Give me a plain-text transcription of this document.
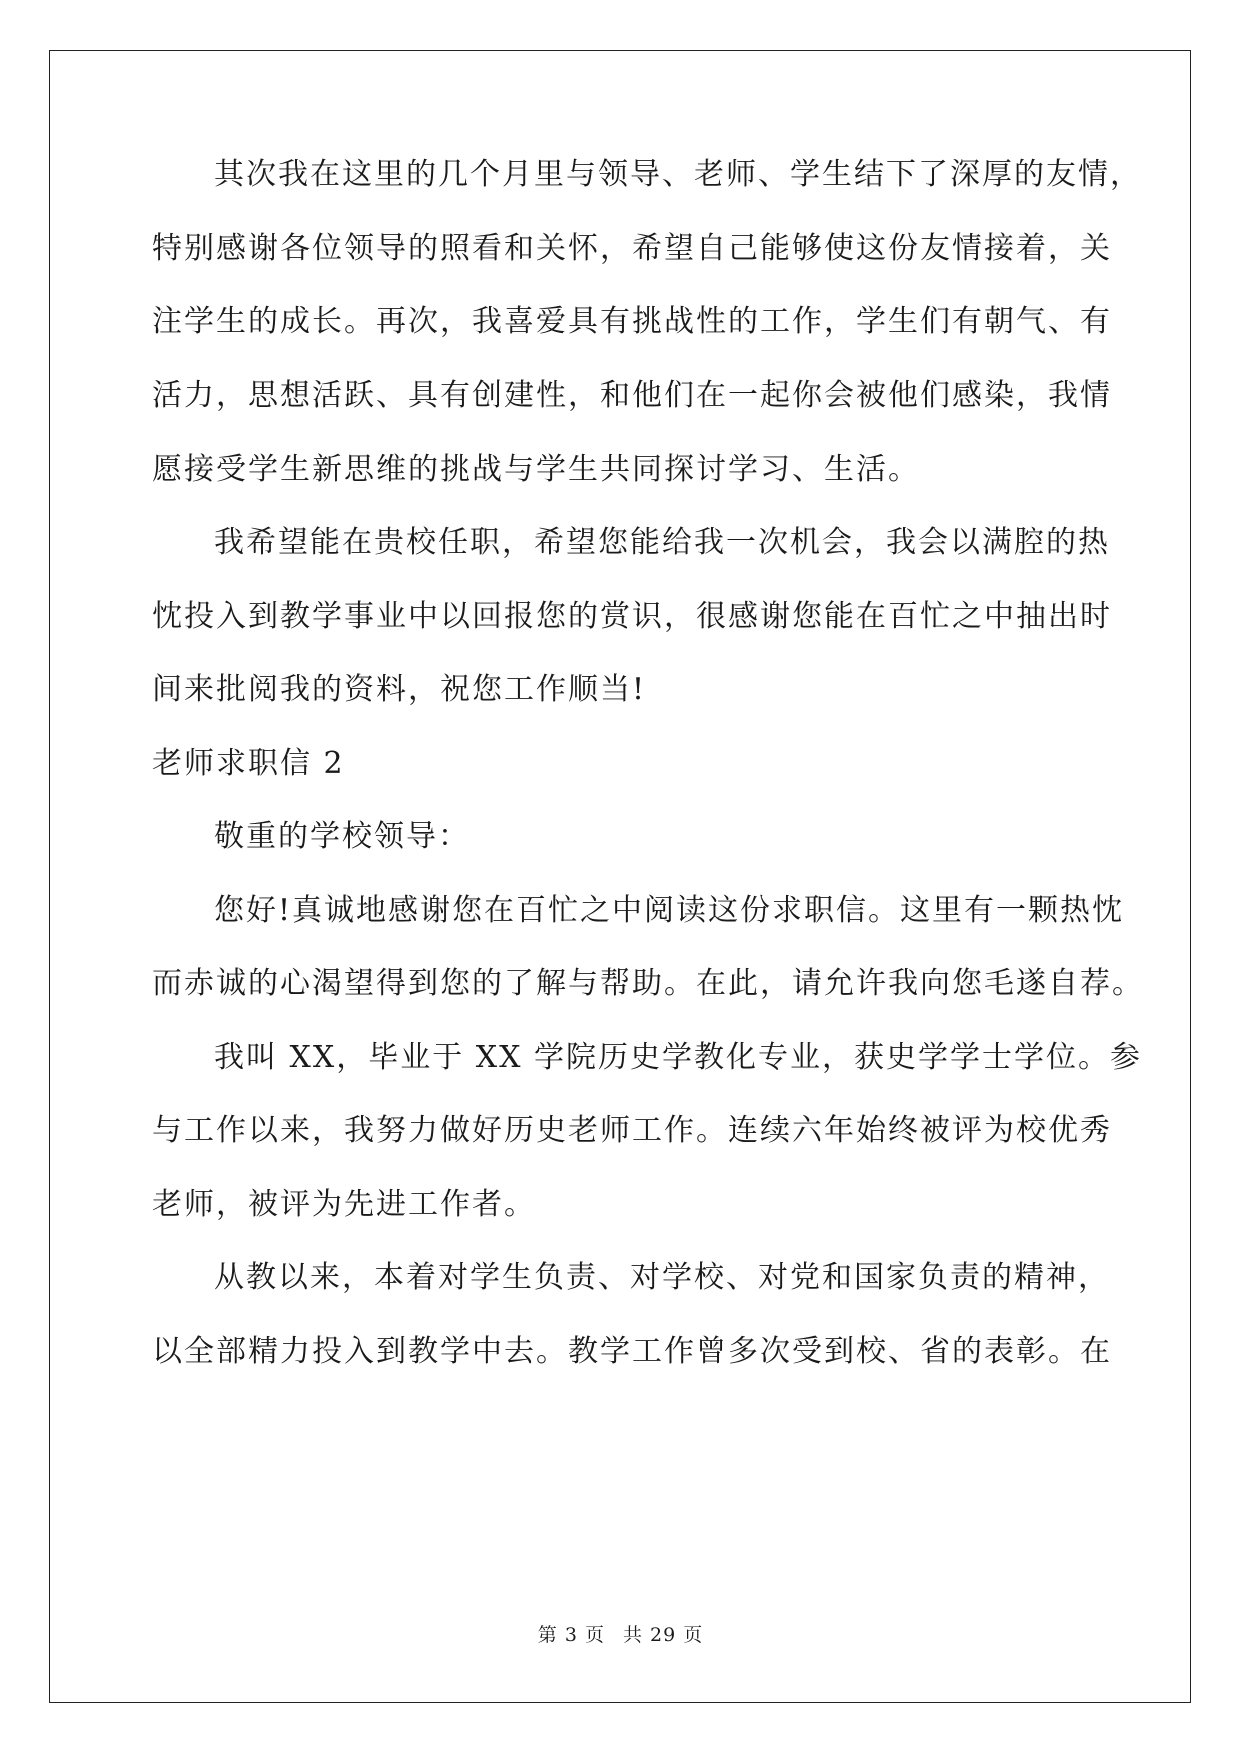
其次我在这里的几个月里与领导、老师、学生结下了深厚的友情，
特别感谢各位领导的照看和关怀，希望自己能够使这份友情接着，关
注学生的成长。再次，我喜爱具有挑战性的工作，学生们有朝气、有
活力，思想活跃、具有创建性，和他们在一起你会被他们感染，我情
愿接受学生新思维的挑战与学生共同探讨学习、生活。
我希望能在贵校任职，希望您能给我一次机会，我会以满腔的热
忱投入到教学事业中以回报您的赏识，很感谢您能在百忙之中抽出时
间来批阅我的资料，祝您工作顺当!
老师求职信 2
敬重的学校领导：
您好!真诚地感谢您在百忙之中阅读这份求职信。这里有一颗热忱
而赤诚的心渴望得到您的了解与帮助。在此，请允许我向您毛遂自荐。
我叫 XX，毕业于 XX 学院历史学教化专业，获史学学士学位。参
与工作以来，我努力做好历史老师工作。连续六年始终被评为校优秀
老师，被评为先进工作者。
从教以来，本着对学生负责、对学校、对党和国家负责的精神，
以全部精力投入到教学中去。教学工作曾多次受到校、省的表彰。在
第 3 页 共 29 页
